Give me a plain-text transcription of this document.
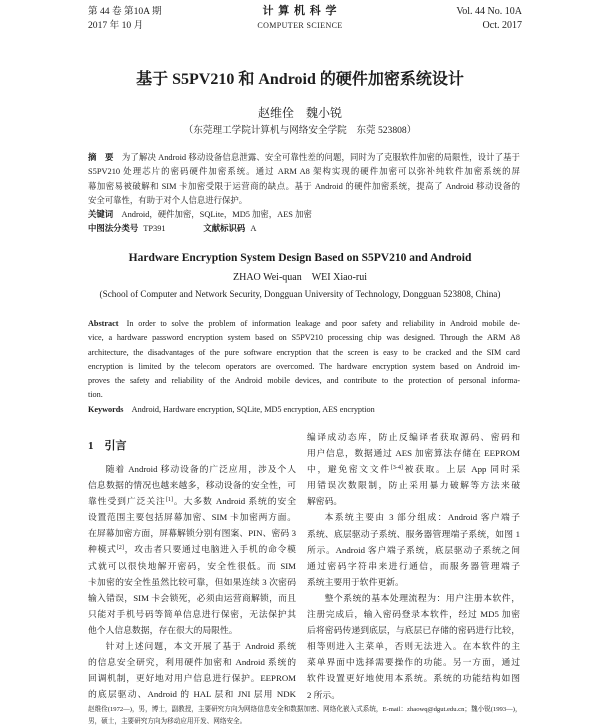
第 44 卷 第10A 期
2017 年 10 月
计 算 机 科 学
COMPUTER SCIENCE
Vol. 44 No. 10A
Oct. 2017
基于 S5PV210 和 Android 的硬件加密系统设计
赵维佺　魏小锐
（东莞理工学院计算机与网络安全学院　东莞 523808）
摘　要 为了解决 Android 移动设备信息泄露、安全可靠性差的问题，同时为了克服软件加密的局限性，设计了基于
S5PV210 处理芯片的密码硬件加密系统。通过 ARM A8 架构实现的硬件加密可以弥补纯软件加密系统的屏
幕加密易被破解和 SIM 卡加密受限于运营商的缺点。基于 Android 的硬件加密系统，提高了 Android 移动设备的
安全可靠性，有助于对个人信息进行保护。
关键词 Android，硬件加密，SQLite，MD5 加密，AES 加密
中图法分类号 TP391	文献标识码 A
Hardware Encryption System Design Based on S5PV210 and Android
ZHAO Wei-quan　WEI Xiao-rui
(School of Computer and Network Security, Dongguan University of Technology, Dongguan 523808, China)
Abstract In order to solve the problem of information leakage and poor safety and reliability in Android mobile de-
vice, a hardware password encryption system based on S5PV210 processing chip was designed. Through the ARM A8
architecture, the disadvantages of the pure software encryption that the screen is easy to be cracked and the SIM card
encryption is limited by the telecom operators are overcomed. The hardware encryption system based on Android im-
proves the safety and reliability of the Android mobile devices, and contribute to the protection of personal informa-
tion.
Keywords Android, Hardware encryption, SQLite, MD5 encryption, AES encryption
1 引言
随着 Android 移动设备的广泛应用，涉及个人
信息数据的情况也越来越多，移动设备的安全性，可
靠性受到广泛关注[1]。大多数 Android 系统的安全
设置范围主要包括屏幕加密、SIM 卡加密两方面。
在屏幕加密方面，屏幕解锁分别有图案、PIN、密码 3
种模式[2]，攻击者只要通过电脑进入手机的命令模
式就可以很快地解开密码，安全性很低。而 SIM
卡加密的安全性虽然比较可靠，但如果连续 3 次密码
输入错误，SIM 卡会锁死，必须由运营商解锁，而且
只能对手机号码等简单信息进行保密，无法保护其
他个人信息数据，存在很大的局限性。
针对上述问题，本文开展了基于 Android 系统
的信息安全研究，利用硬件加密和 Android 系统的
回调机制，更好地对用户信息进行保护。EEPROM
的底层驱动、Android 的 HAL 层和 JNI 层用 NDK
编译成动态库，防止反编译者获取源码、密码和
用户信息，数据通过 AES 加密算法存储在 EEPROM
中，避免密文文件[3-4]被获取。上层 App 同时采
用错误次数限制，防止采用暴力破解等方法来破
解密码。
本系统主要由 3 部分组成：Android 客户端子
系统、底层驱动子系统、服务器管理端子系统，如图 1
所示。Android 客户端子系统，底层驱动子系统之间
通过密码字符串来进行通信，而服务器管理端子
系统主要用于软件更新。
整个系统的基本处理流程为：用户注册本软件，
注册完成后，输入密码登录本软件，经过 MD5 加密
后将密码传递到底层，与底层已存储的密码进行比较，
相等则进入主菜单，否则无法进入。在本软件的主
菜单界面中选择需要操作的功能。另一方面，通过
软件设置更好地使用本系统。系统的功能结构如图
2 所示。
赵维佺(1972—)，男，博士，副教授，主要研究方向为网络信息安全和数据加密、网络化嵌入式系统，E-mail：zhaowq@dgut.edu.cn；魏小锐(1993—)，
男，硕士，主要研究方向为移动应用开发、网络安全。
